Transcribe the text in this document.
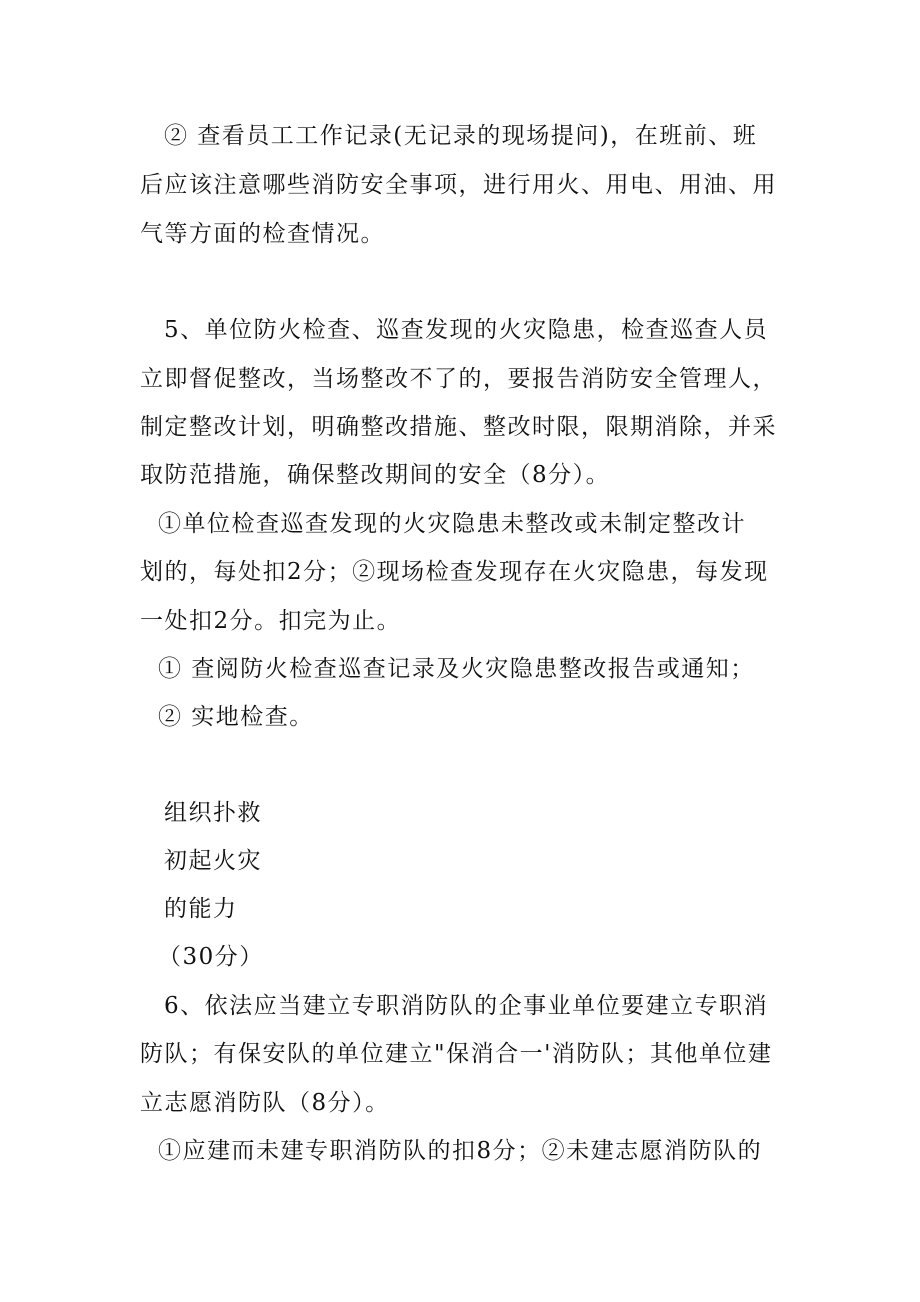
② 查看员工工作记录(无记录的现场提问)，在班前、班
后应该注意哪些消防安全事项，进行用火、用电、用油、用
气等方面的检查情况。
5、单位防火检查、巡查发现的火灾隐患，检查巡查人员
立即督促整改，当场整改不了的，要报告消防安全管理人，
制定整改计划，明确整改措施、整改时限，限期消除，并采
取防范措施，确保整改期间的安全（8分）。
①单位检查巡查发现的火灾隐患未整改或未制定整改计
划的，每处扣2分；②现场检查发现存在火灾隐患，每发现
一处扣2分。扣完为止。
① 查阅防火检查巡查记录及火灾隐患整改报告或通知；
② 实地检查。
组织扑救
初起火灾
的能力
（30分）
6、依法应当建立专职消防队的企事业单位要建立专职消
防队；有保安队的单位建立"保消合一'消防队；其他单位建
立志愿消防队（8分）。
①应建而未建专职消防队的扣8分；②未建志愿消防队的
